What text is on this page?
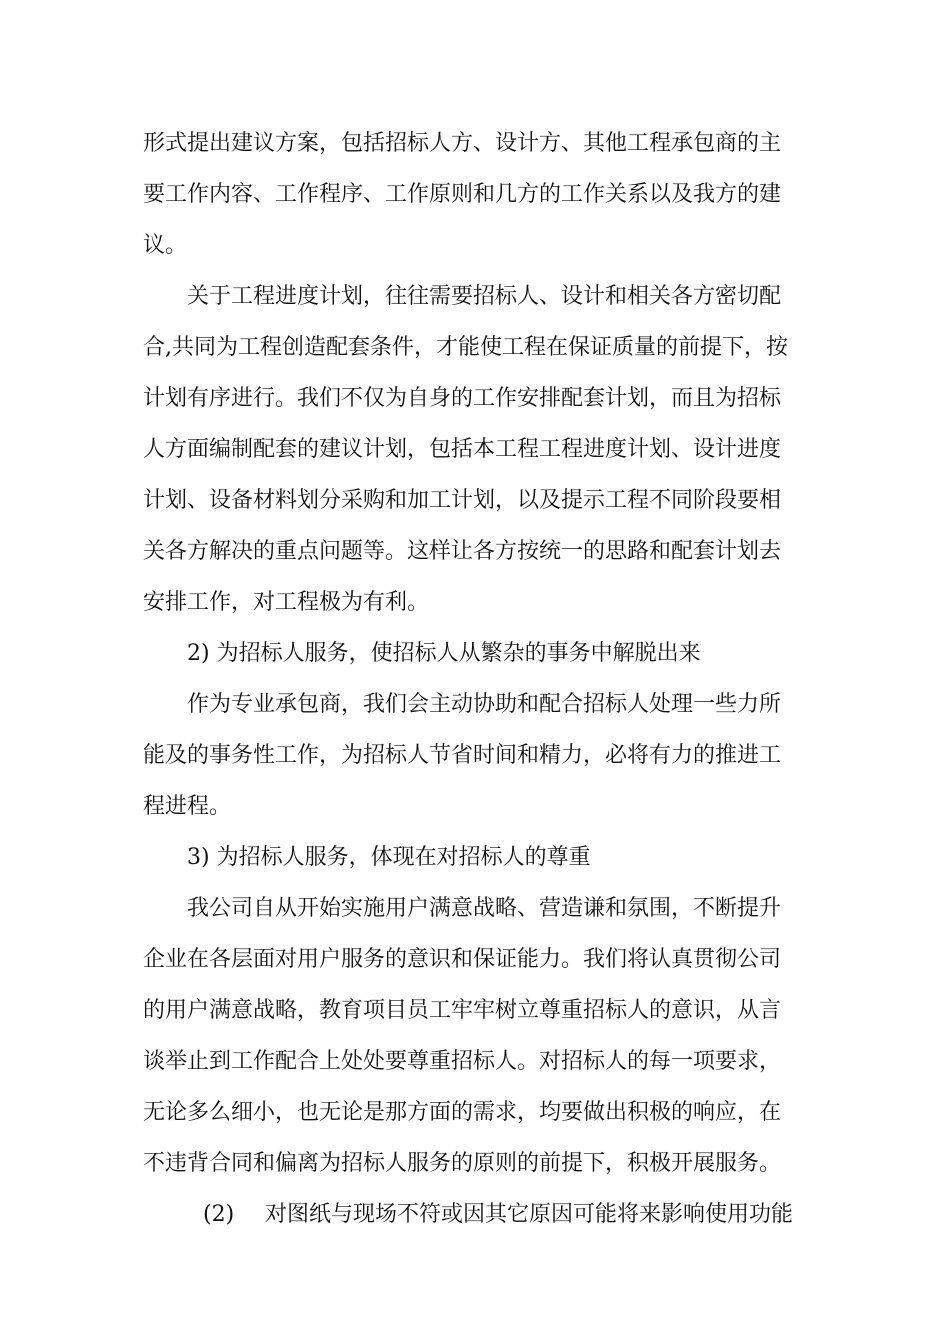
形式提出建议方案，包括招标人方、设计方、其他工程承包商的主
要工作内容、工作程序、工作原则和几方的工作关系以及我方的建
议。
关于工程进度计划，往往需要招标人、设计和相关各方密切配
合,共同为工程创造配套条件，才能使工程在保证质量的前提下，按
计划有序进行。我们不仅为自身的工作安排配套计划，而且为招标
人方面编制配套的建议计划，包括本工程工程进度计划、设计进度
计划、设备材料划分采购和加工计划，以及提示工程不同阶段要相
关各方解决的重点问题等。这样让各方按统一的思路和配套计划去
安排工作，对工程极为有利。
2) 为招标人服务，使招标人从繁杂的事务中解脱出来
作为专业承包商，我们会主动协助和配合招标人处理一些力所
能及的事务性工作，为招标人节省时间和精力，必将有力的推进工
程进程。
3) 为招标人服务，体现在对招标人的尊重
我公司自从开始实施用户满意战略、营造谦和氛围，不断提升
企业在各层面对用户服务的意识和保证能力。我们将认真贯彻公司
的用户满意战略，教育项目员工牢牢树立尊重招标人的意识，从言
谈举止到工作配合上处处要尊重招标人。对招标人的每一项要求，
无论多么细小，也无论是那方面的需求，均要做出积极的响应，在
不违背合同和偏离为招标人服务的原则的前提下，积极开展服务。
(2) 对图纸与现场不符或因其它原因可能将来影响使用功能
